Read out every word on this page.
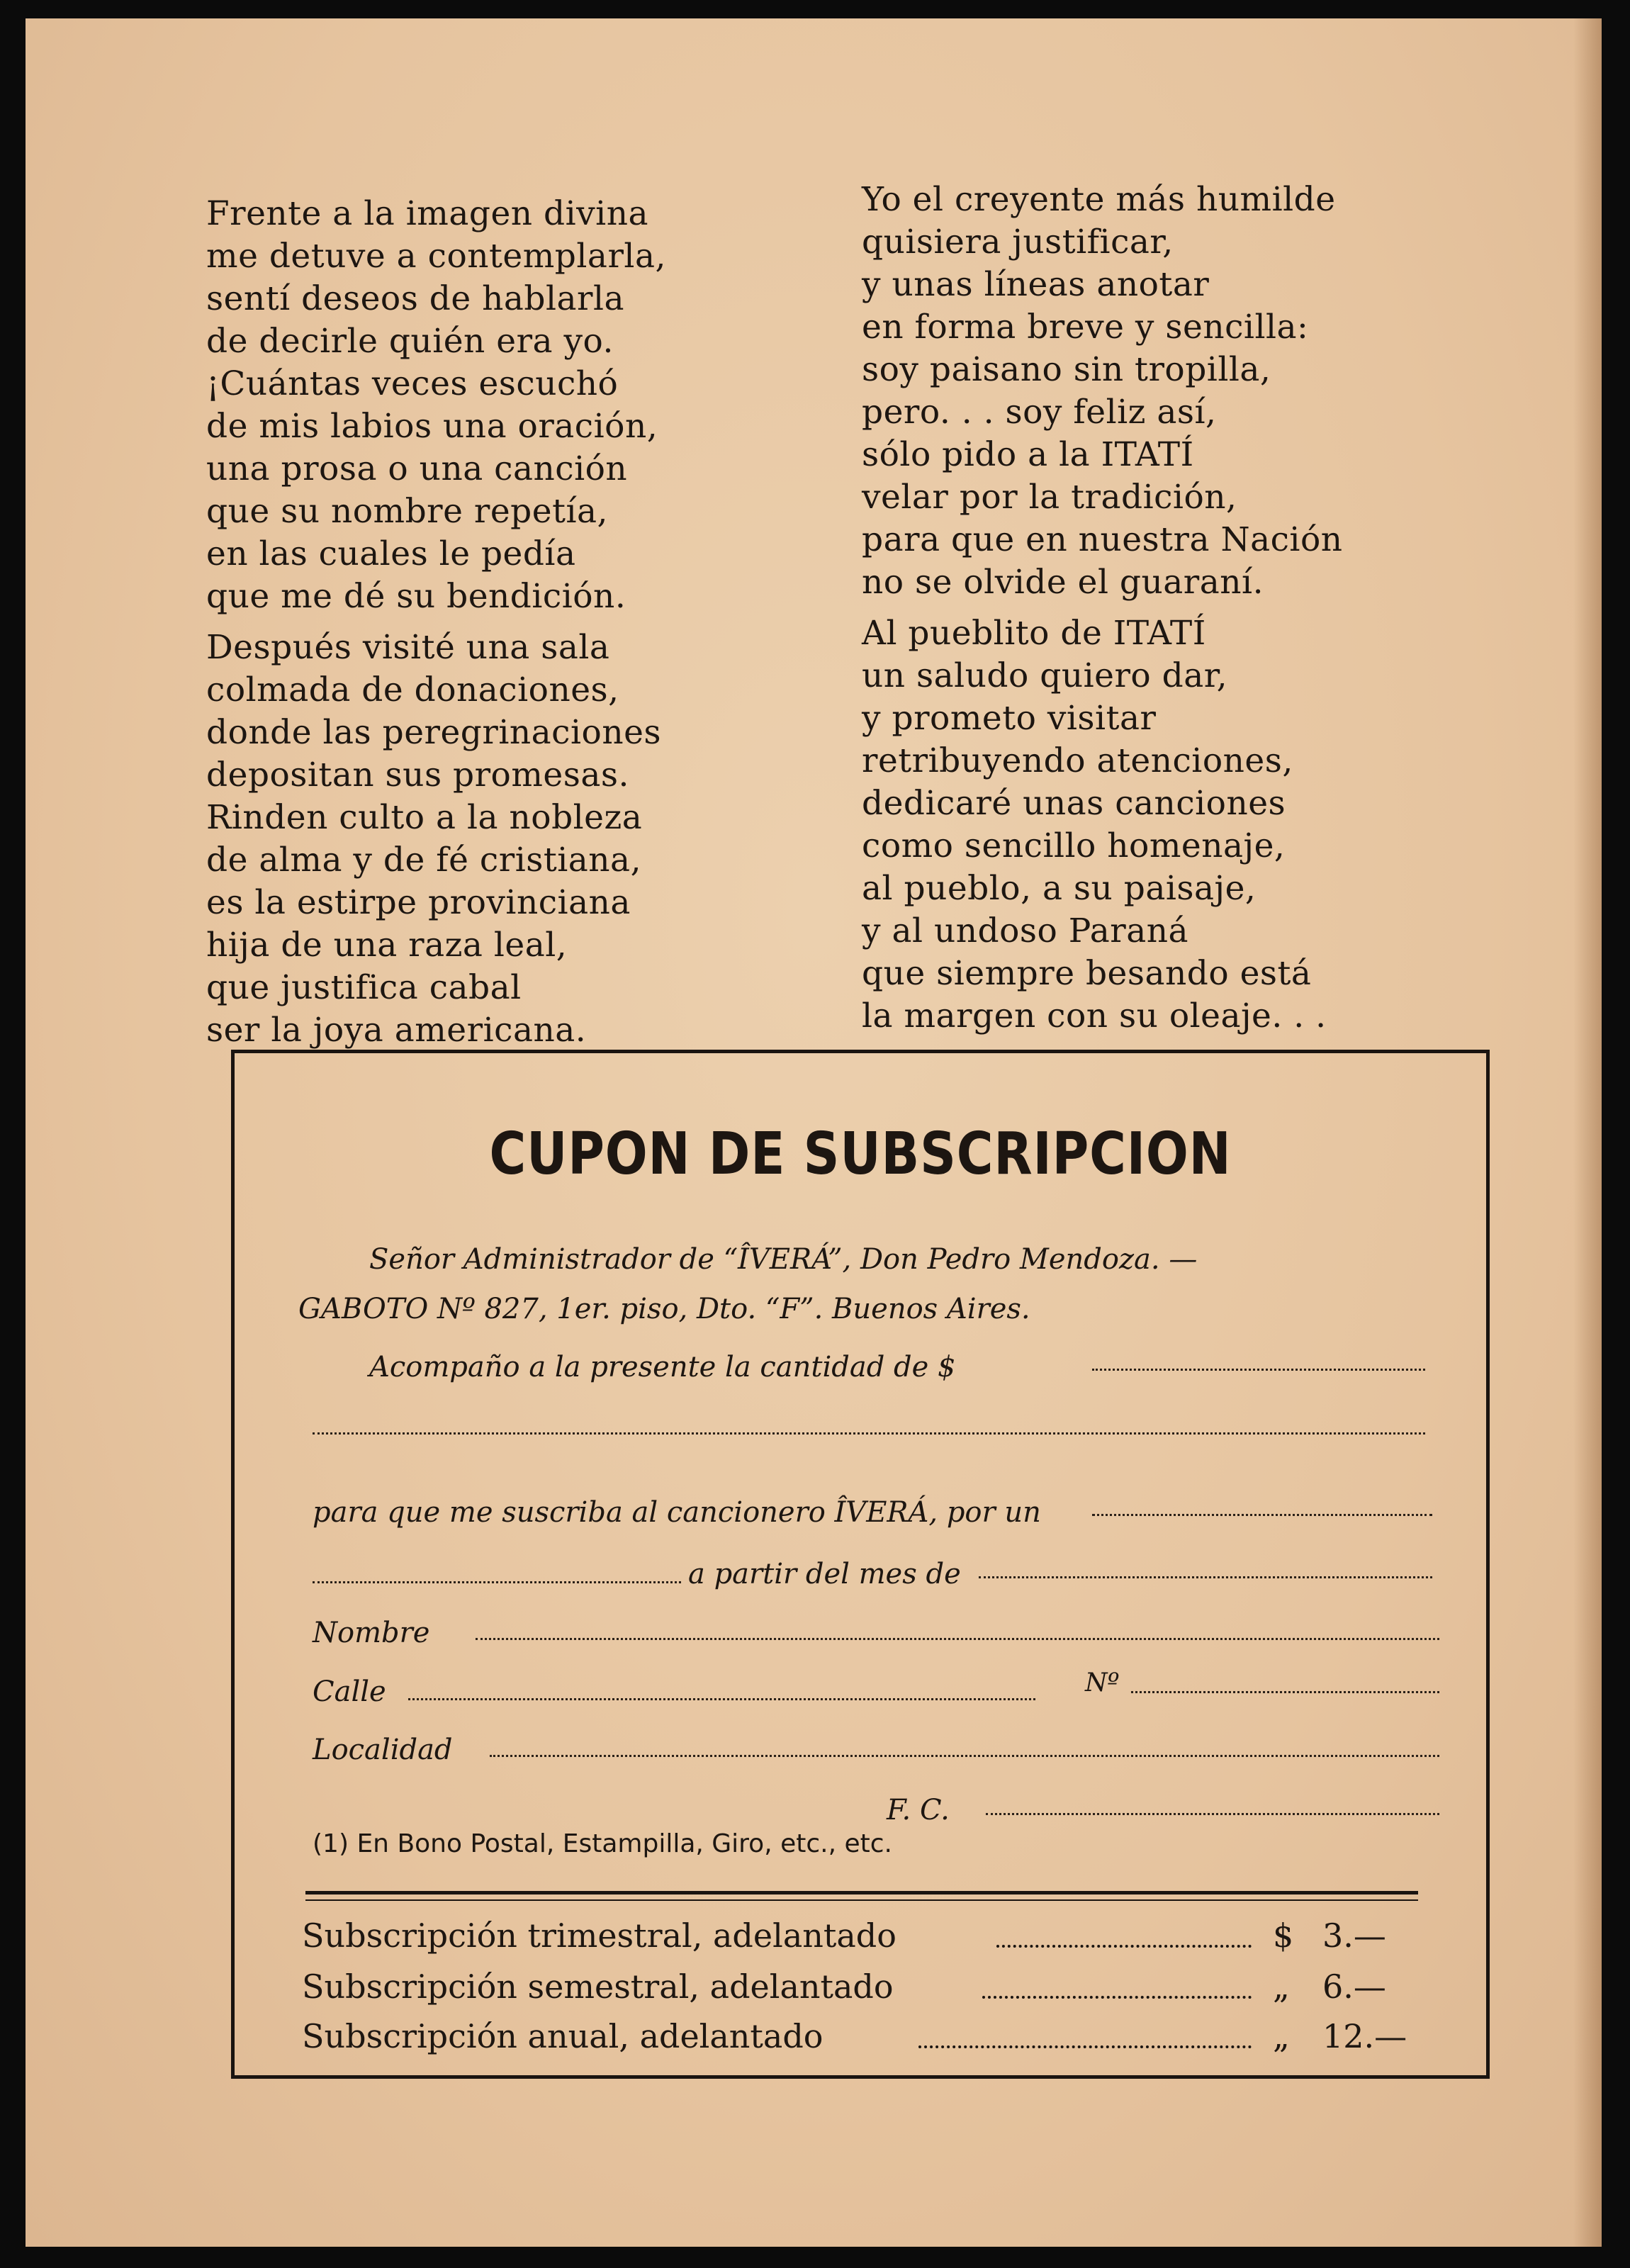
Frente a la imagen divina
me detuve a contemplarla,
sentí deseos de hablarla
de decirle quién era yo.
¡Cuántas veces escuchó
de mis labios una oración,
una prosa o una canción
que su nombre repetía,
en las cuales le pedía
que me dé su bendición.
Después visité una sala
colmada de donaciones,
donde las peregrinaciones
depositan sus promesas.
Rinden culto a la nobleza
de alma y de fé cristiana,
es la estirpe provinciana
hija de una raza leal,
que justifica cabal
ser la joya americana.
Yo el creyente más humilde
quisiera justificar,
y unas líneas anotar
en forma breve y sencilla:
soy paisano sin tropilla,
pero. . . soy feliz así,
sólo pido a la ITATÍ
velar por la tradición,
para que en nuestra Nación
no se olvide el guaraní.
Al pueblito de ITATÍ
un saludo quiero dar,
y prometo visitar
retribuyendo atenciones,
dedicaré unas canciones
como sencillo homenaje,
al pueblo, a su paisaje,
y al undoso Paraná
que siempre besando está
la margen con su oleaje. . .
CUPON DE SUBSCRIPCION
Señor Administrador de “ÎVERÁ”, Don Pedro Mendoza. —
GABOTO Nº 827, 1er. piso, Dto. “F”. Buenos Aires.
Acompaño a la presente la cantidad de $
para que me suscriba al cancionero ÎVERÁ, por un
a partir del mes de
Nombre
Calle	Nº
Localidad
F. C.
(1) En Bono Postal, Estampilla, Giro, etc., etc.
Subscripción trimestral, adelantado	$ 3.—
Subscripción semestral, adelantado	„ 6.—
Subscripción anual, adelantado	„ 12.—
